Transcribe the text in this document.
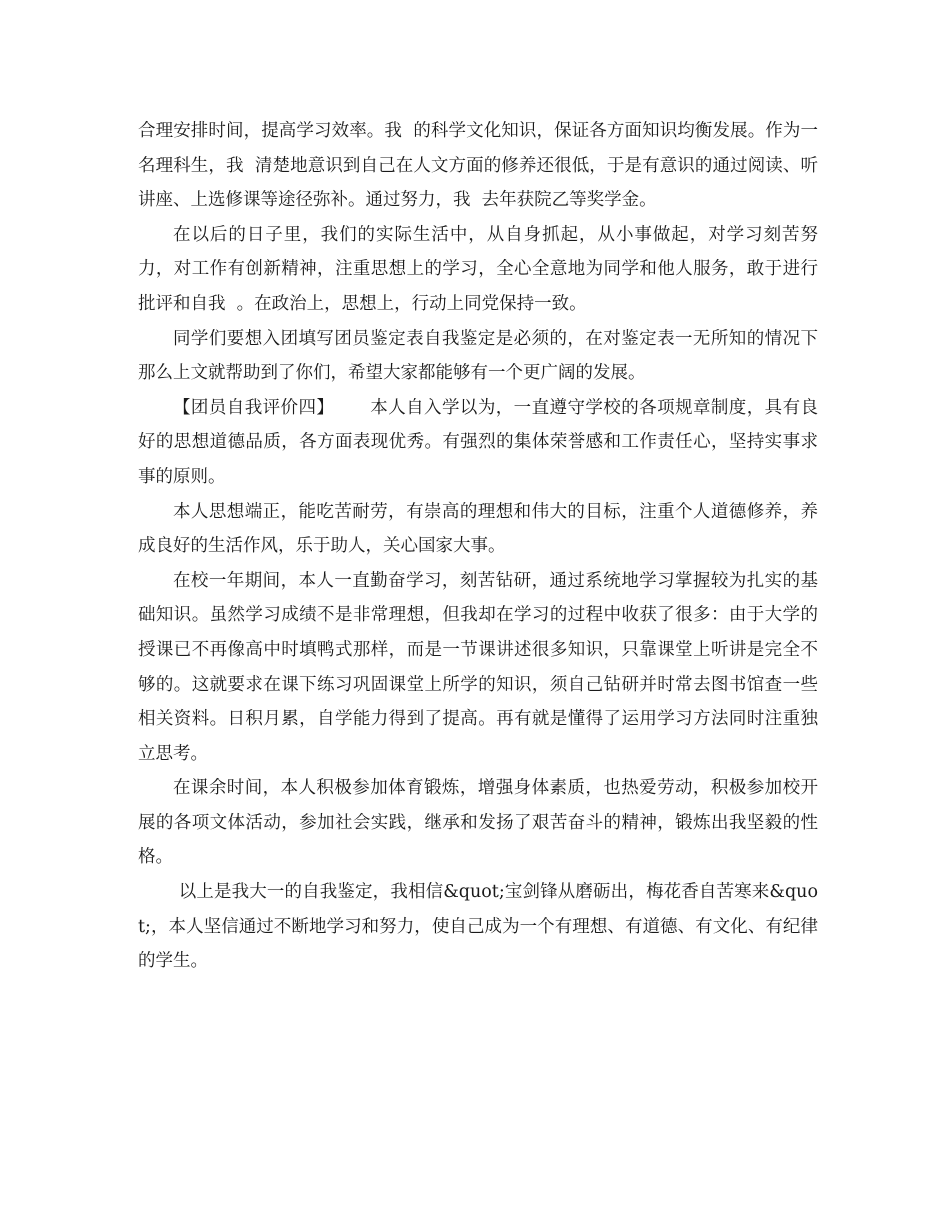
合理安排时间，提高学习效率。我  的科学文化知识，保证各方面知识均衡发展。作为一名理科生，我  清楚地意识到自己在人文方面的修养还很低，于是有意识的通过阅读、听讲座、上选修课等途径弥补。通过努力，我  去年获院乙等奖学金。

在以后的日子里，我们的实际生活中，从自身抓起，从小事做起，对学习刻苦努力，对工作有创新精神，注重思想上的学习，全心全意地为同学和他人服务，敢于进行批评和自我  。在政治上，思想上，行动上同党保持一致。

同学们要想入团填写团员鉴定表自我鉴定是必须的，在对鉴定表一无所知的情况下那么上文就帮助到了你们，希望大家都能够有一个更广阔的发展。

【团员自我评价四】      本人自入学以为，一直遵守学校的各项规章制度，具有良好的思想道德品质，各方面表现优秀。有强烈的集体荣誉感和工作责任心，坚持实事求事的原则。

本人思想端正，能吃苦耐劳，有崇高的理想和伟大的目标，注重个人道德修养，养成良好的生活作风，乐于助人，关心国家大事。

在校一年期间，本人一直勤奋学习，刻苦钻研，通过系统地学习掌握较为扎实的基础知识。虽然学习成绩不是非常理想，但我却在学习的过程中收获了很多：由于大学的授课已不再像高中时填鸭式那样，而是一节课讲述很多知识，只靠课堂上听讲是完全不够的。这就要求在课下练习巩固课堂上所学的知识，须自己钻研并时常去图书馆查一些相关资料。日积月累，自学能力得到了提高。再有就是懂得了运用学习方法同时注重独立思考。

在课余时间，本人积极参加体育锻炼，增强身体素质，也热爱劳动，积极参加校开展的各项文体活动，参加社会实践，继承和发扬了艰苦奋斗的精神，锻炼出我坚毅的性格。

以上是我大一的自我鉴定，我相信&quot;宝剑锋从磨砺出，梅花香自苦寒来&quot;，本人坚信通过不断地学习和努力，使自己成为一个有理想、有道德、有文化、有纪律的学生。
